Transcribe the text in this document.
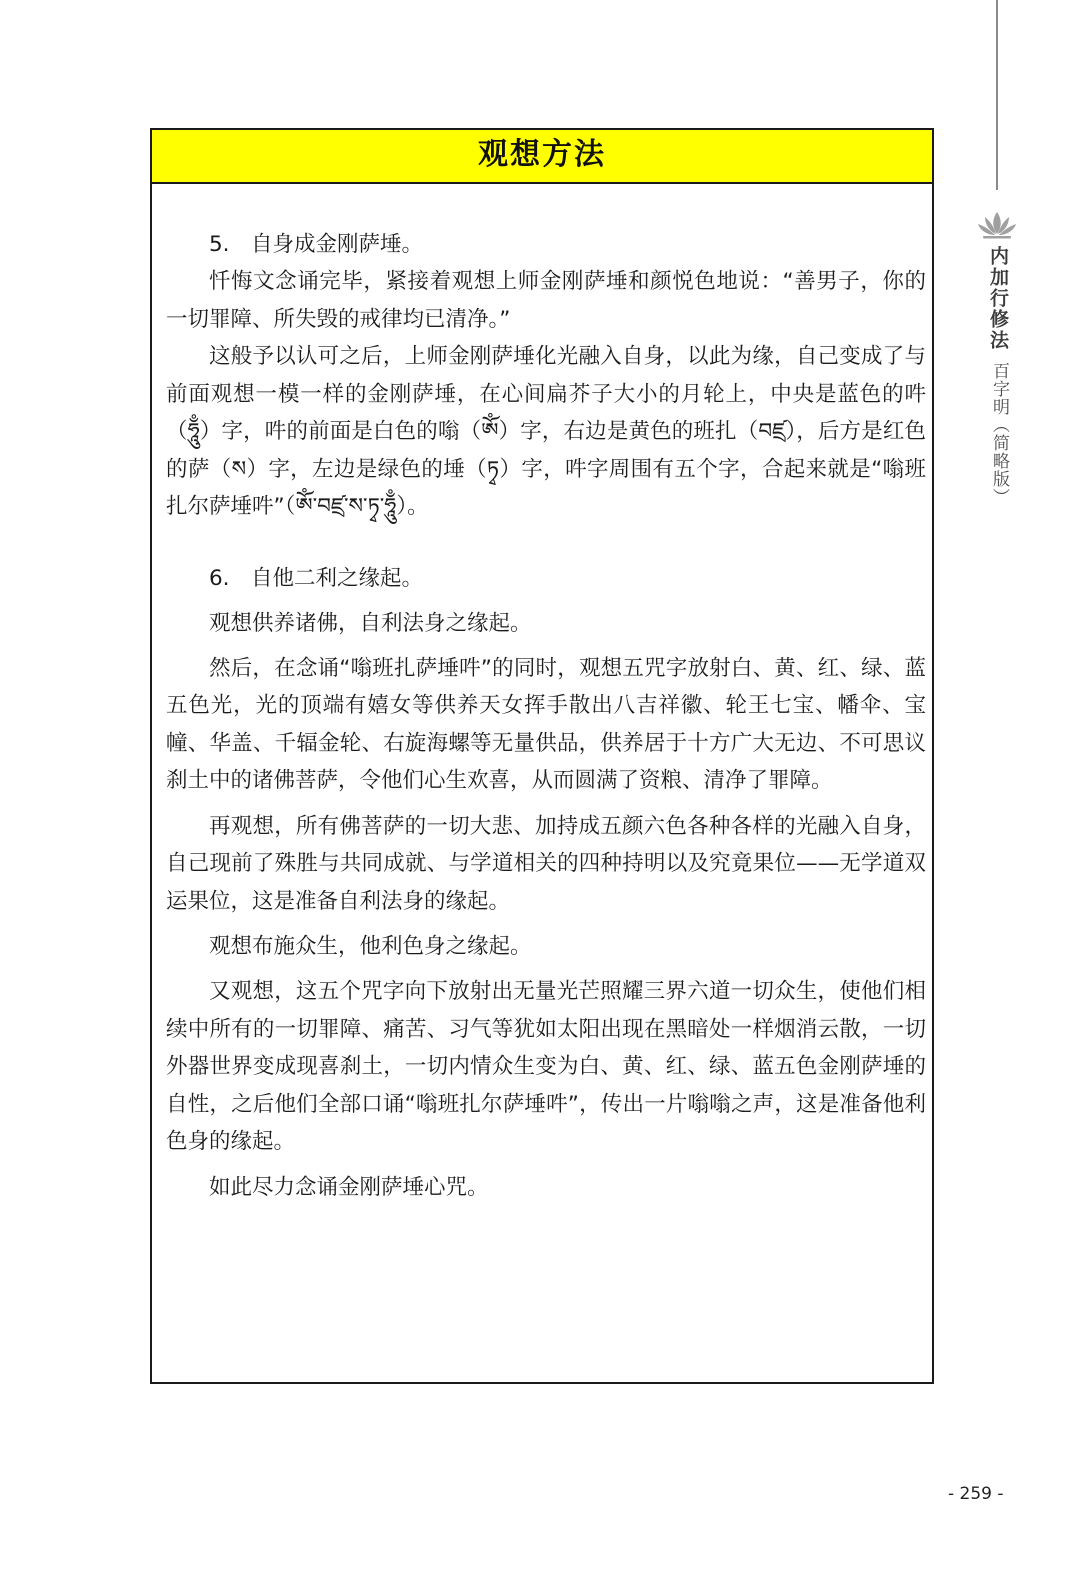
内加行修法
百字明（简略版）
观想方法

5.　自身成金刚萨埵。

忏悔文念诵完毕，紧接着观想上师金刚萨埵和颜悦色地说：“善男子，你的一切罪障、所失毁的戒律均已清净。”

这般予以认可之后，上师金刚萨埵化光融入自身，以此为缘，自己变成了与前面观想一模一样的金刚萨埵，在心间扁芥子大小的月轮上，中央是蓝色的吽（ཧཱུྃ）字，吽的前面是白色的嗡（ཨོཾ）字，右边是黄色的班扎（བཛྲ），后方是红色的萨（ས）字，左边是绿色的埵（ཏྭ）字，吽字周围有五个字，合起来就是“嗡班扎尔萨埵吽”（ཨོཾ་བཛྲ་ས་ཏྭ་ཧཱུྃ）。

6.　自他二利之缘起。

观想供养诸佛，自利法身之缘起。

然后，在念诵“嗡班扎萨埵吽”的同时，观想五咒字放射白、黄、红、绿、蓝五色光，光的顶端有嬉女等供养天女挥手散出八吉祥徽、轮王七宝、幡伞、宝幢、华盖、千辐金轮、右旋海螺等无量供品，供养居于十方广大无边、不可思议刹土中的诸佛菩萨，令他们心生欢喜，从而圆满了资粮、清净了罪障。

再观想，所有佛菩萨的一切大悲、加持成五颜六色各种各样的光融入自身，自己现前了殊胜与共同成就、与学道相关的四种持明以及究竟果位——无学道双运果位，这是准备自利法身的缘起。

观想布施众生，他利色身之缘起。

又观想，这五个咒字向下放射出无量光芒照耀三界六道一切众生，使他们相续中所有的一切罪障、痛苦、习气等犹如太阳出现在黑暗处一样烟消云散，一切外器世界变成现喜刹土，一切内情众生变为白、黄、红、绿、蓝五色金刚萨埵的自性，之后他们全部口诵“嗡班扎尔萨埵吽”，传出一片嗡嗡之声，这是准备他利色身的缘起。

如此尽力念诵金刚萨埵心咒。

- 259 -
